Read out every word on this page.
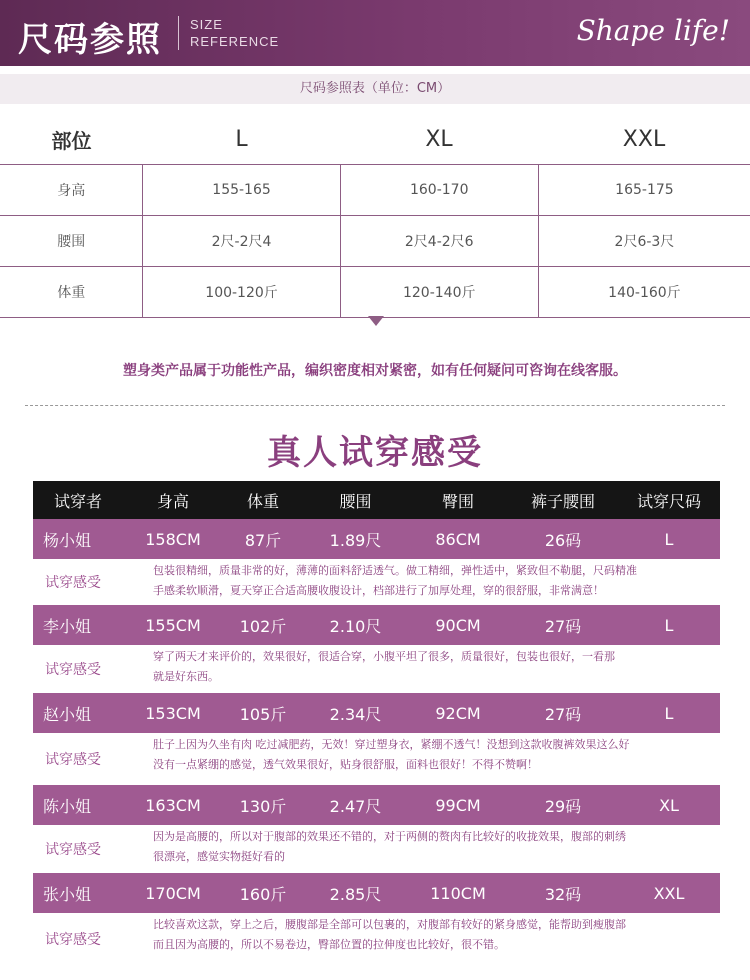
尺码参照 SIZE
REFERENCE	Shape life!
尺码参照表（单位：CM）
部位	L	XL	XXL
身高	155-165	160-170	165-175
腰围	2尺-2尺4	2尺4-2尺6	2尺6-3尺
体重	100-120斤	120-140斤	140-160斤
塑身类产品属于功能性产品，编织密度相对紧密，如有任何疑问可咨询在线客服。
真人试穿感受
试穿者	身高	体重	腰围	臀围	裤子腰围	试穿尺码
杨小姐	158CM	87斤	1.89尺	86CM	26码	L
试穿感受
包装很精细，质量非常的好，薄薄的面料舒适透气。做工精细，弹性适中，紧致但不勒腿，尺码精准
手感柔软顺滑，夏天穿正合适高腰收腹设计，档部进行了加厚处理，穿的很舒服，非常满意！
李小姐	155CM	102斤	2.10尺	90CM	27码	L
试穿感受
穿了两天才来评价的，效果很好，很适合穿，小腹平坦了很多，质量很好，包装也很好，一看那
就是好东西。
赵小姐	153CM	105斤	2.34尺	92CM	27码	L
试穿感受
肚子上因为久坐有肉 吃过减肥药，无效！穿过塑身衣，紧绷不透气！没想到这款收腹裤效果这么好
没有一点紧绷的感觉，透气效果很好，贴身很舒服，面料也很好！不得不赞啊！
陈小姐	163CM	130斤	2.47尺	99CM	29码	XL
试穿感受
因为是高腰的，所以对于腹部的效果还不错的，对于两侧的赘肉有比较好的收拢效果，腹部的刺绣
很漂亮，感觉实物挺好看的
张小姐	170CM	160斤	2.85尺	110CM	32码	XXL
试穿感受
比较喜欢这款，穿上之后，腰腹部是全部可以包裹的，对腹部有较好的紧身感觉，能帮助到瘦腹部
而且因为高腰的，所以不易卷边，臀部位置的拉伸度也比较好，很不错。
